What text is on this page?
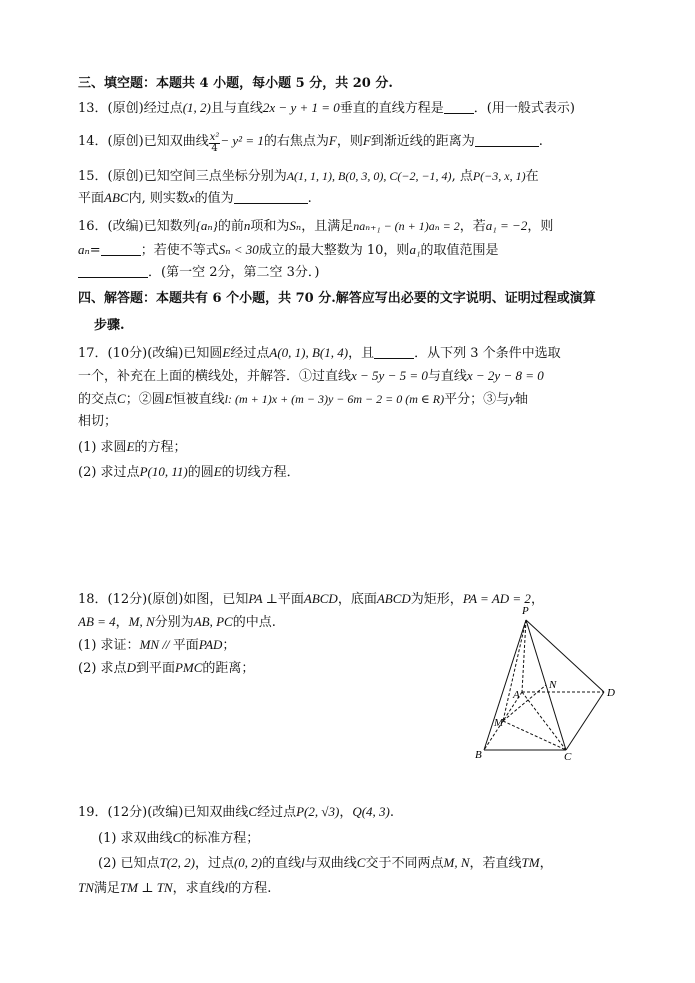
三、填空题：本题共 4 小题，每小题 5 分，共 20 分.
13．(原创)经过点(1, 2)且与直线2x − y + 1 = 0垂直的直线方程是 ．(用一般式表示)
14．(原创)已知双曲线 $\frac{\text{x²}}{4} - y^2 = 1$的右焦点为F，则F到渐近线的距离为	.
15．(原创)已知空间三点坐标分别为A(1, 1, 1), B(0, 3, 0), C(−2, −1, 4), 点P(−3, x, 1)在
平面ABC内, 则实数x的值为	.
16．(改编)已知数列{aₙ}的前n项和为Sₙ，且满足naₙ₊₁ − (n + 1)aₙ = 2，若a₁ = −2，则
aₙ=	；若使不等式Sₙ < 30成立的最大整数为 10，则a₁的取值范围是
．(第一空 2分，第二空 3分．)
四、解答题：本题共有 6 个小题，共 70 分.解答应写出必要的文字说明、证明过程或演算
步骤.
17．(10分)(改编)已知圆E经过点A(0, 1), B(1, 4)，且	．从下列 3 个条件中选取
一个，补充在上面的横线处，并解答．①过直线x − 5y − 5 = 0与直线x − 2y − 8 = 0
的交点C；②圆E恒被直线l: (m + 1)x + (m − 3)y − 6m − 2 = 0 (m ∈ R)平分；③与y轴
相切；
(1) 求圆E的方程；
(2) 求过点P(10, 11)的圆E的切线方程．
18．(12分)(原创)如图，已知PA ⊥平面ABCD，底面ABCD为矩形，PA = AD = 2，
AB = 4，M, N分别为AB, PC的中点.
(1) 求证：MN // 平面PAD；
(2) 求点D到平面PMC的距离；
P
A
N
D
M
B	C
19．(12分)(改编)已知双曲线C经过点P(2, √3)，Q(4, 3).
(1) 求双曲线C的标准方程；
(2) 已知点T(2, 2)，过点(0, 2)的直线l与双曲线C交于不同两点M, N，若直线TM，
TN满足TM ⊥ TN，求直线l的方程.
